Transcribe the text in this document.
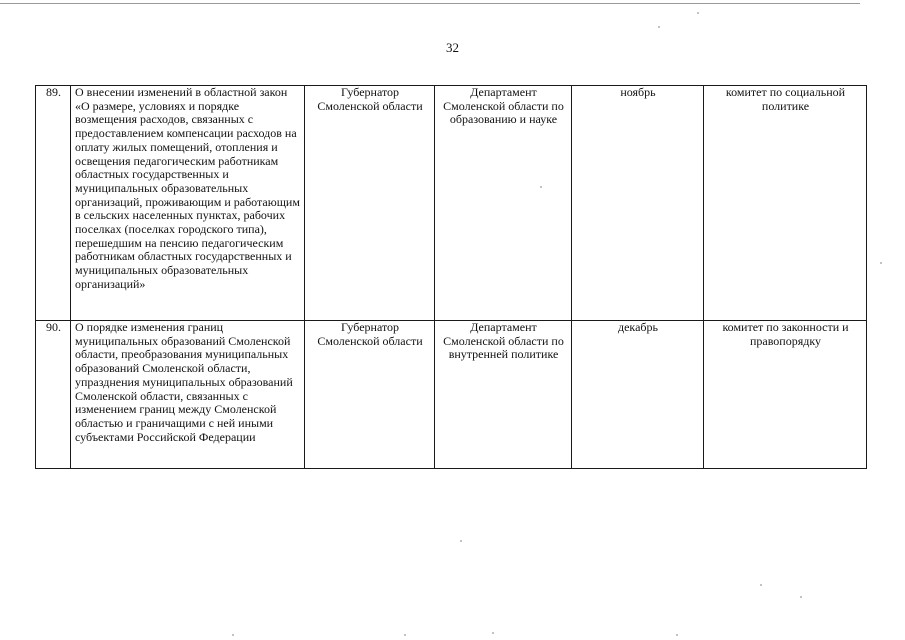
32
89.	О внесении изменений в областной закон «О размере, условиях и порядке возмещения расходов, связанных с предоставлением компенсации расходов на оплату жилых помещений, отопления и освещения педагогическим работникам областных государственных и муниципальных образовательных организаций, проживающим и работающим в сельских населенных пунктах, рабочих поселках (поселках городского типа), перешедшим на пенсию педагогическим работникам областных государственных и муниципальных образовательных организаций»	Губернатор Смоленской области	Департамент Смоленской области по образованию и науке	ноябрь	комитет по социальной политике
90.	О порядке изменения границ муниципальных образований Смоленской области, преобразования муниципальных образований Смоленской области, упразднения муниципальных образований Смоленской области, связанных с изменением границ между Смоленской областью и граничащими с ней иными субъектами Российской Федерации	Губернатор Смоленской области	Департамент Смоленской области по внутренней политике	декабрь	комитет по законности и правопорядку
